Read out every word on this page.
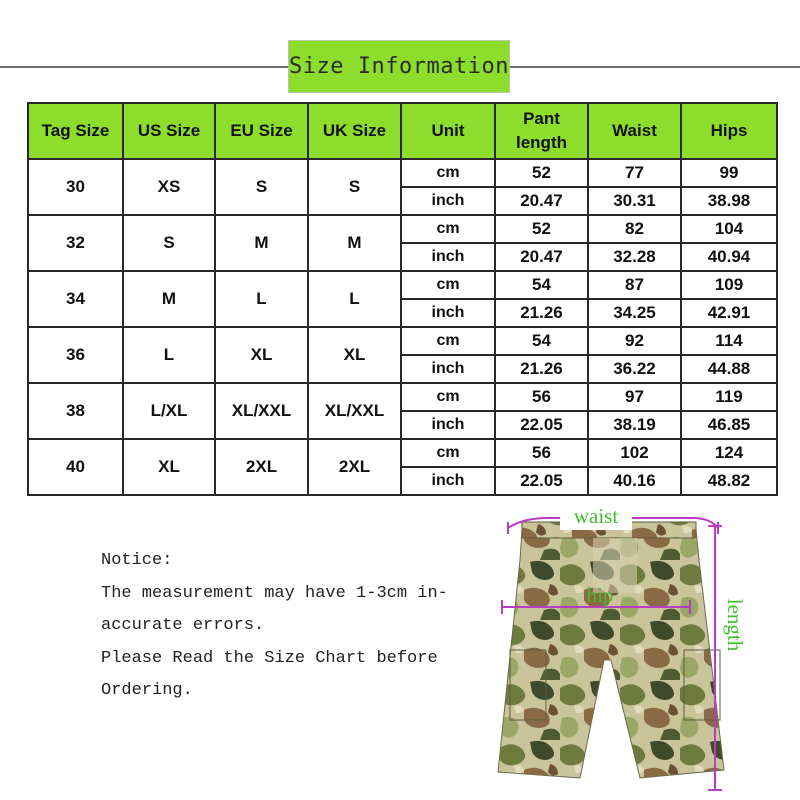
Size Information
Tag Size	US Size	EU Size	UK Size	Unit	Pant length	Waist	Hips
30	XS	S	S	cm	52	77	99
				inch	20.47	30.31	38.98
32	S	M	M	cm	52	82	104
				inch	20.47	32.28	40.94
34	M	L	L	cm	54	87	109
				inch	21.26	34.25	42.91
36	L	XL	XL	cm	54	92	114
				inch	21.26	36.22	44.88
38	L/XL	XL/XXL	XL/XXL	cm	56	97	119
				inch	22.05	38.19	46.85
40	XL	2XL	2XL	cm	56	102	124
				inch	22.05	40.16	48.82

Notice:

The measurement may have 1-3cm in-

accurate errors.

Please Read the Size Chart before

Ordering.

waist
hip
length
